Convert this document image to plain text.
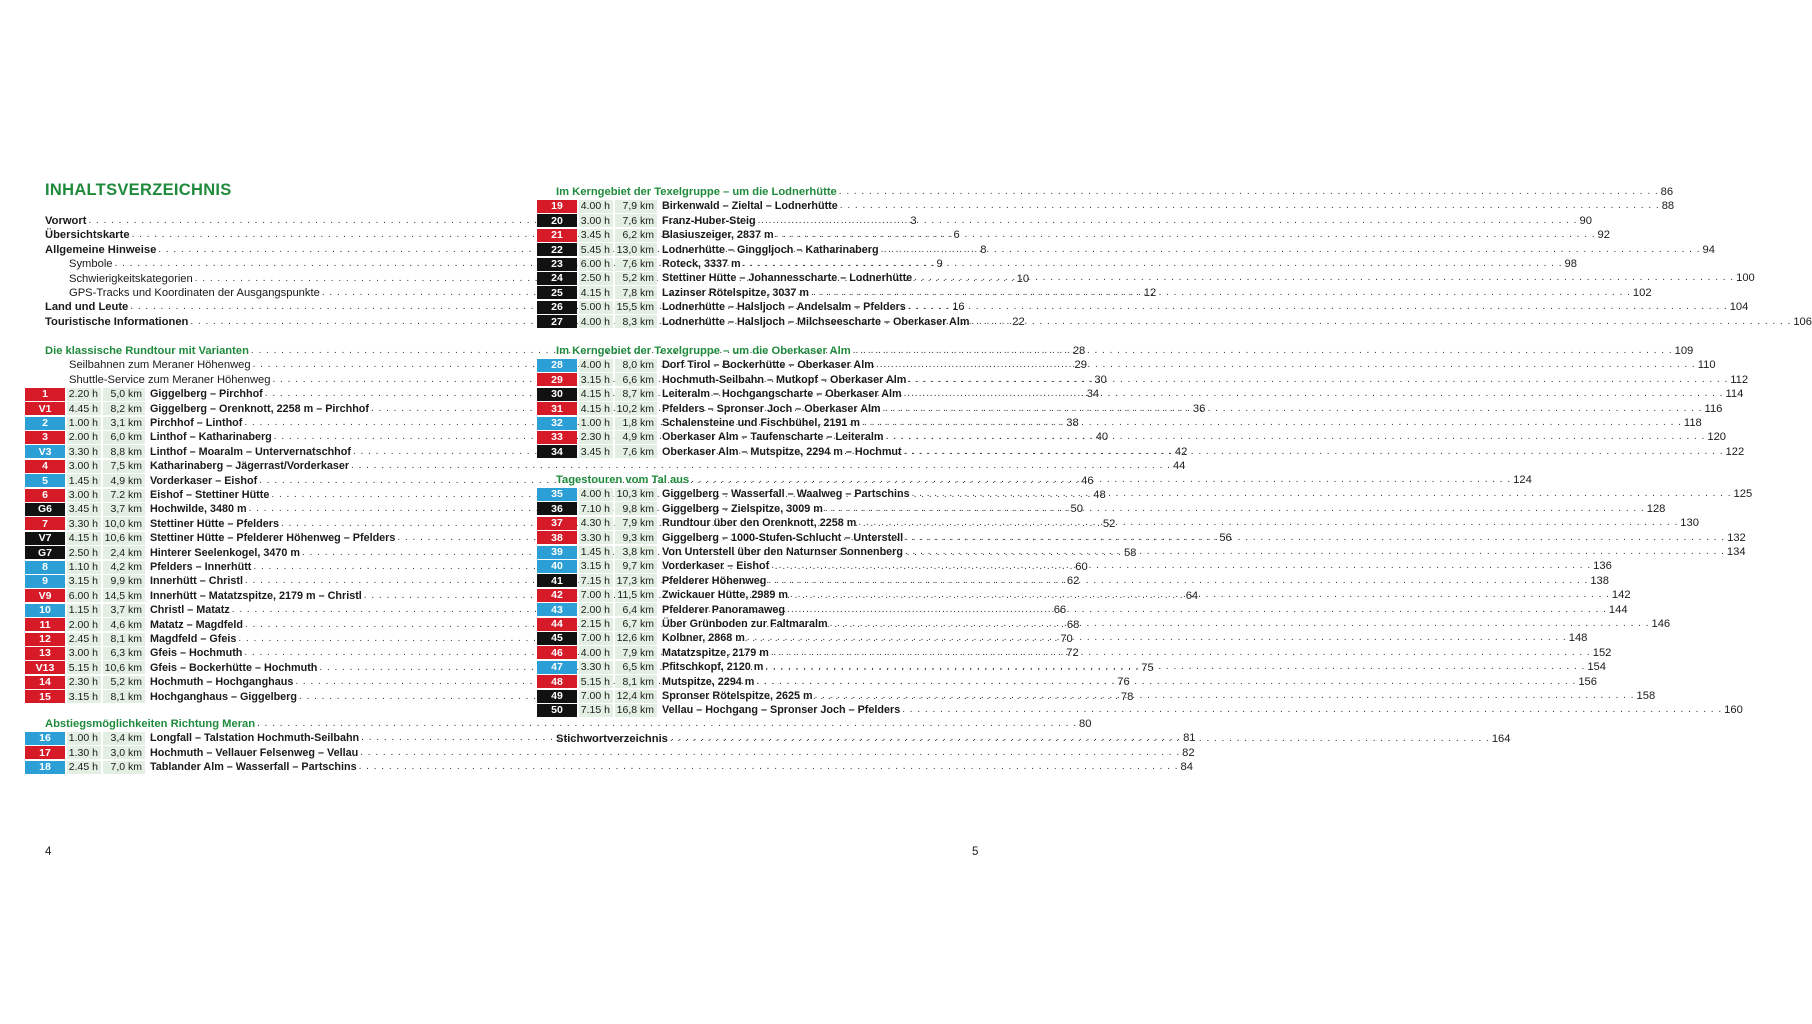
INHALTSVERZEICHNIS
Vorwort . . .	3
Übersichtskarte . . .	6
Allgemeine Hinweise . . .	8
Symbole . . .	9
Schwierigkeitskategorien . . .	10
GPS-Tracks und Koordinaten der Ausgangspunkte . . .	12
Land und Leute . . .	16
Touristische Informationen . . .	22
Die klassische Rundtour mit Varianten . . .	28
Seilbahnen zum Meraner Höhenweg . . .	29
Shuttle-Service zum Meraner Höhenweg . . .	30
1	2.20 h	5,0 km Giggelberg – Pirchhof . . .	34
V1	4.45 h	8,2 km Giggelberg – Orenknott, 2258 m – Pirchhof . . .	36
2	1.00 h	3,1 km Pirchhof – Linthof . . .	38
3	2.00 h	6,0 km Linthof – Katharinaberg . . .	40
V3	3.30 h	8,8 km Linthof – Moaralm – Untervernatschhof . . .	42
4	3.00 h	7,5 km Katharinaberg – Jägerrast/Vorderkaser . . .	44
5	1.45 h	4,9 km Vorderkaser – Eishof . . .	46
6	3.00 h	7.2 km Eishof – Stettiner Hütte . . .	48
G6	3.45 h	3,7 km Hochwilde, 3480 m . . .	50
7	3.30 h 10,0 km Stettiner Hütte – Pfelders . . .	52
V7	4.15 h 10,6 km Stettiner Hütte – Pfelderer Höhenweg – Pfelders . . .	56
G7	2.50 h	2,4 km Hinterer Seelenkogel, 3470 m . . .	58
8	1.10 h	4,2 km Pfelders – Innerhütt . . .	60
9	3.15 h	9,9 km Innerhütt – Christl . . .	62
V9	6.00 h 14,5 km Innerhütt – Matatzspitze, 2179 m – Christl . . .	64
10	1.15 h	3,7 km Christl – Matatz . . .	66
11	2.00 h	4,6 km Matatz – Magdfeld . . .	68
12	2.45 h	8,1 km Magdfeld – Gfeis . . .	70
13	3.00 h	6,3 km Gfeis – Hochmuth . . .	72
V13	5.15 h 10,6 km Gfeis – Bockerhütte – Hochmuth . . .	75
14	2.30 h	5,2 km Hochmuth – Hochganghaus . . .	76
15	3.15 h	8,1 km Hochganghaus – Giggelberg . . .	78
Abstiegsmöglichkeiten Richtung Meran . . .	80
16	1.00 h	3,4 km Longfall – Talstation Hochmuth-Seilbahn . . .	81
17	1.30 h	3,0 km Hochmuth – Vellauer Felsenweg – Vellau . . .	82
18	2.45 h	7,0 km Tablander Alm – Wasserfall – Partschins . . .	84
Im Kerngebiet der Texelgruppe – um die Lodnerhütte . . .	86
19	4.00 h	7,9 km Birkenwald – Zieltal – Lodnerhütte . . .	88
20	3.00 h	7,6 km Franz-Huber-Steig . . .	90
21	3.45 h	6,2 km Blasiuszeiger, 2837 m . . .	92
22	5.45 h 13,0 km Lodnerhütte – Gingglјoch – Katharinaberg . . .	94
23	6.00 h	7,6 km Roteck, 3337 m . . .	98
24	2.50 h	5,2 km Stettiner Hütte – Johannesscharte – Lodnerhütte . . .	100
25	4.15 h	7,8 km Lazinser Rötelspitze, 3037 m . . .	102
26	5.00 h 15,5 km Lodnerhütte – Halsljoch – Andelsalm – Pfelders . . .	104
27	4.00 h	8,3 km Lodnerhütte – Halsljoch – Milchseescharte – Oberkaser Alm . . .	106
Im Kerngebiet der Texelgruppe – um die Oberkaser Alm . . .	109
28	4.00 h	8,0 km Dorf Tirol – Bockerhütte – Oberkaser Alm . . .	110
29	3.15 h	6,6 km Hochmuth-Seilbahn – Mutkopf – Oberkaser Alm . . .	112
30	4.15 h	8,7 km Leiteralm – Hochgangscharte – Oberkaser Alm . . .	114
31	4.15 h 10,2 km Pfelders – Spronser Joch – Oberkaser Alm . . .	116
32	1.00 h	1,8 km Schalensteine und Fischbühel, 2191 m . . .	118
33	2.30 h	4,9 km Oberkaser Alm – Taufenscharte – Leiteralm . . .	120
34	3.45 h	7,6 km Oberkaser Alm – Mutspitze, 2294 m – Hochmut . . .	122
Tagestouren vom Tal aus . . .	124
35	4.00 h 10,3 km Giggelberg – Wasserfall – Waalweg – Partschins . . .	125
36	7.10 h	9,8 km Giggelberg – Zielspitze, 3009 m . . .	128
37	4.30 h	7,9 km Rundtour über den Orenknott, 2258 m . . .	130
38	3.30 h	9,3 km Giggelberg – 1000-Stufen-Schlucht – Unterstell . . .	132
39	1.45 h	3,8 km Von Unterstell über den Naturnser Sonnenberg . . .	134
40	3.15 h	9,7 km Vorderkaser – Eishof . . .	136
41	7.15 h 17,3 km Pfelderer Höhenweg . . .	138
42	7.00 h 11,5 km Zwickauer Hütte, 2989 m . . .	142
43	2.00 h	6,4 km Pfelderer Panoramaweg . . .	144
44	2.15 h	6,7 km Über Grünboden zur Faltmaralm . . .	146
45	7.00 h 12,6 km Kolbner, 2868 m . . .	148
46	4.00 h	7,9 km Matatzspitze, 2179 m . . .	152
47	3.30 h	6,5 km Pfitschkopf, 2120 m . . .	154
48	5.15 h	8,1 km Mutspitze, 2294 m . . .	156
49	7.00 h 12,4 km Spronser Rötelspitze, 2625 m . . .	158
50	7.15 h 16,8 km Vellau – Hochgang – Spronser Joch – Pfelders . . .	160
Stichwortverzeichnis . . .	164
4	5
